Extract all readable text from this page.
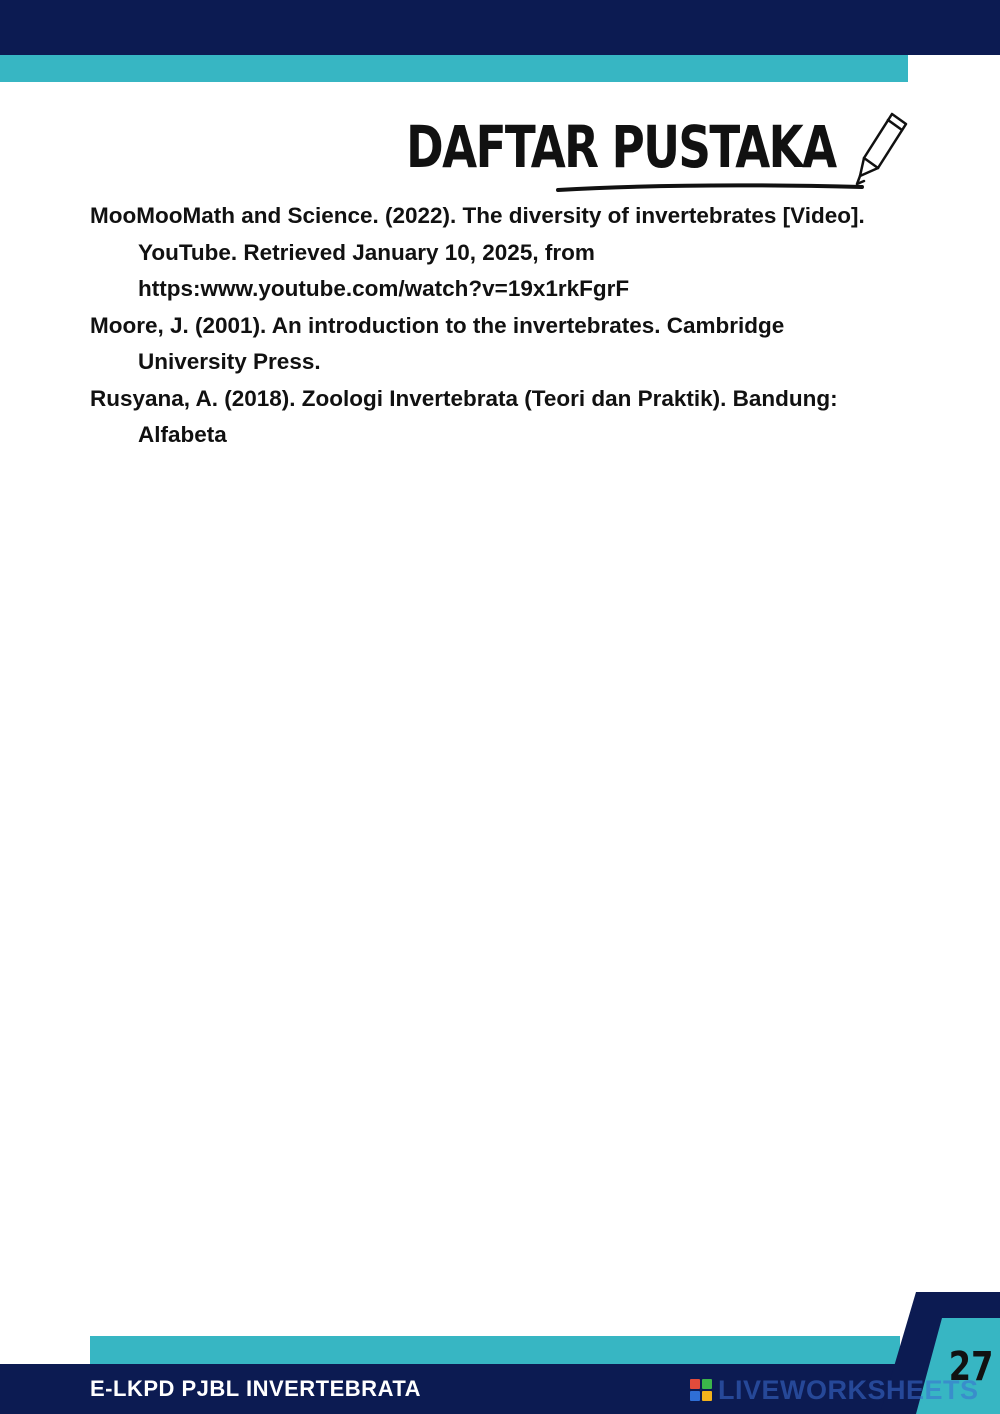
DAFTAR PUSTAKA

MooMooMath and Science. (2022). The diversity of invertebrates [Video]. YouTube. Retrieved January 10, 2025, from https:www.youtube.com/watch?v=19x1rkFgrF

Moore, J. (2001). An introduction to the invertebrates. Cambridge University Press.

Rusyana, A. (2018). Zoologi Invertebrata (Teori dan Praktik). Bandung: Alfabeta

E-LKPD PJBL INVERTEBRATA	LIVEWORKSHEETS
27
